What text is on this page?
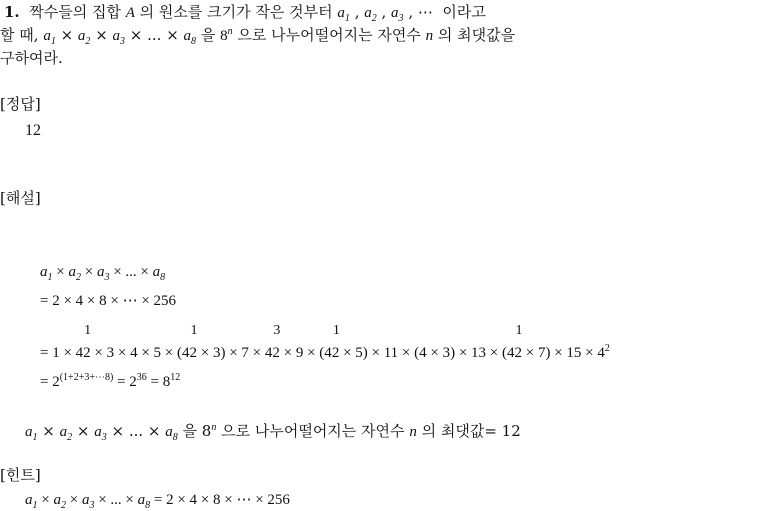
1. 짝수들의 집합 A 의 원소를 크기가 작은 것부터 $a_1$ , $a_2$ , $a_3$ , ⋯  이라고
할 때, $a_1 \times a_2 \times a_3$ × ... × $a_8$ 을 8$^n$ 으로 나누어떨어지는 자연수 n 의 최댓값을
구하여라.
[정답]
12
[해설]
$a_1 \times a_2 \times a_3$ × ... × $a_8$
= 2 × 4 × 8 × ⋯ × 256
= 1 × 4
1
2 × 3 × 4 × 5 × (4
1
2 × 3) × 7 × 4
3
2 × 9 × (4
1
2 × 5) × 11 × (4 × 3) × 13 × (4
1
$2 \times 7) \times 15 \times 4^2$
= $2^{(1+2+3+\cdots 8)} = 2^{36} = 8^{12}$
$a_1 \times a_2 \times a_3$ × ... × $a_8$ 을 8$^n$ 으로 나누어떨어지는 자연수 n 의 최댓값= 12
[힌트]
$a_1 \times a_2 \times a_3$ × ... × $a_8 = 2 \times 4 \times 8$ × ⋯ × 256
